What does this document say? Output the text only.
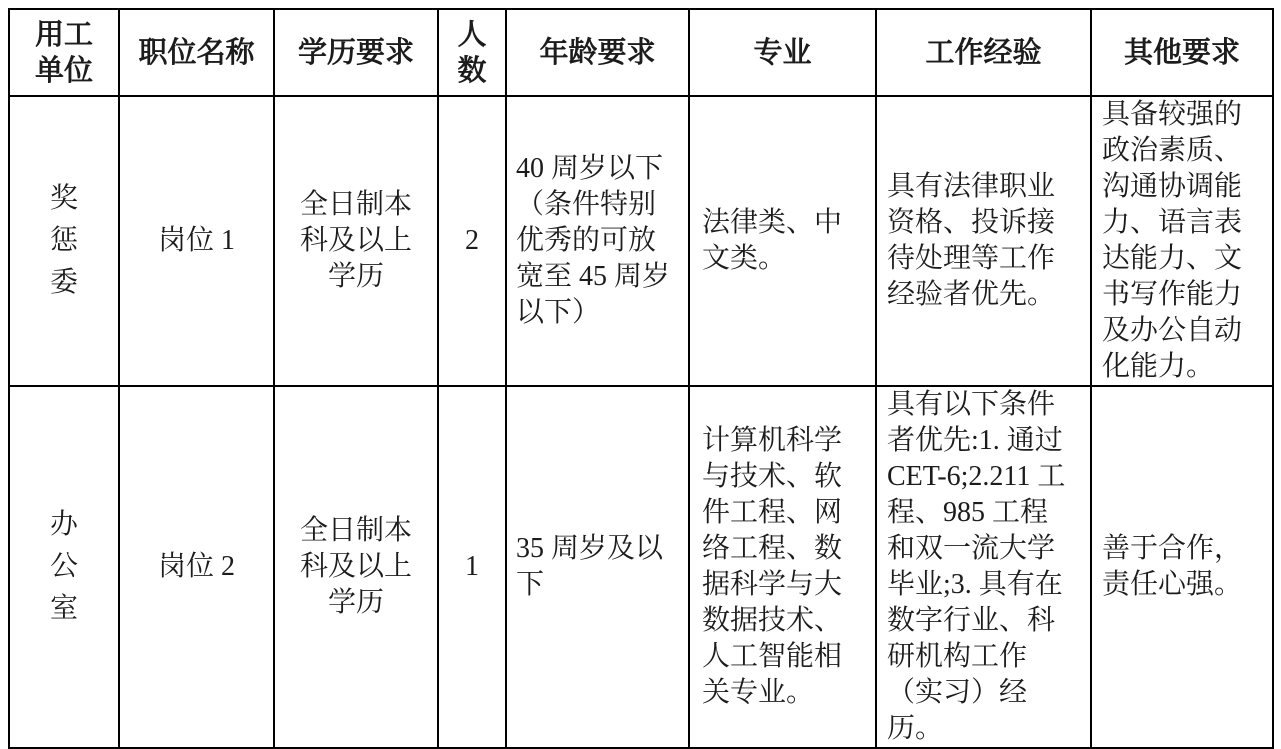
用工单位	职位名称	学历要求	人数	年龄要求	专业	工作经验	其他要求
奖惩委	岗位 1	全日制本科及以上学历	2	40 周岁以下（条件特别优秀的可放宽至 45 周岁以下）	法律类、中文类。	具有法律职业资格、投诉接待处理等工作经验者优先。	具备较强的政治素质、沟通协调能力、语言表达能力、文书写作能力及办公自动化能力。
办公室	岗位 2	全日制本科及以上学历	1	35 周岁及以下	计算机科学与技术、软件工程、网络工程、数据科学与大数据技术、人工智能相关专业。	具有以下条件者优先:1. 通过CET-6;2.211 工程、985 工程和双一流大学毕业;3. 具有在数字行业、科研机构工作（实习）经历。	善于合作，责任心强。
